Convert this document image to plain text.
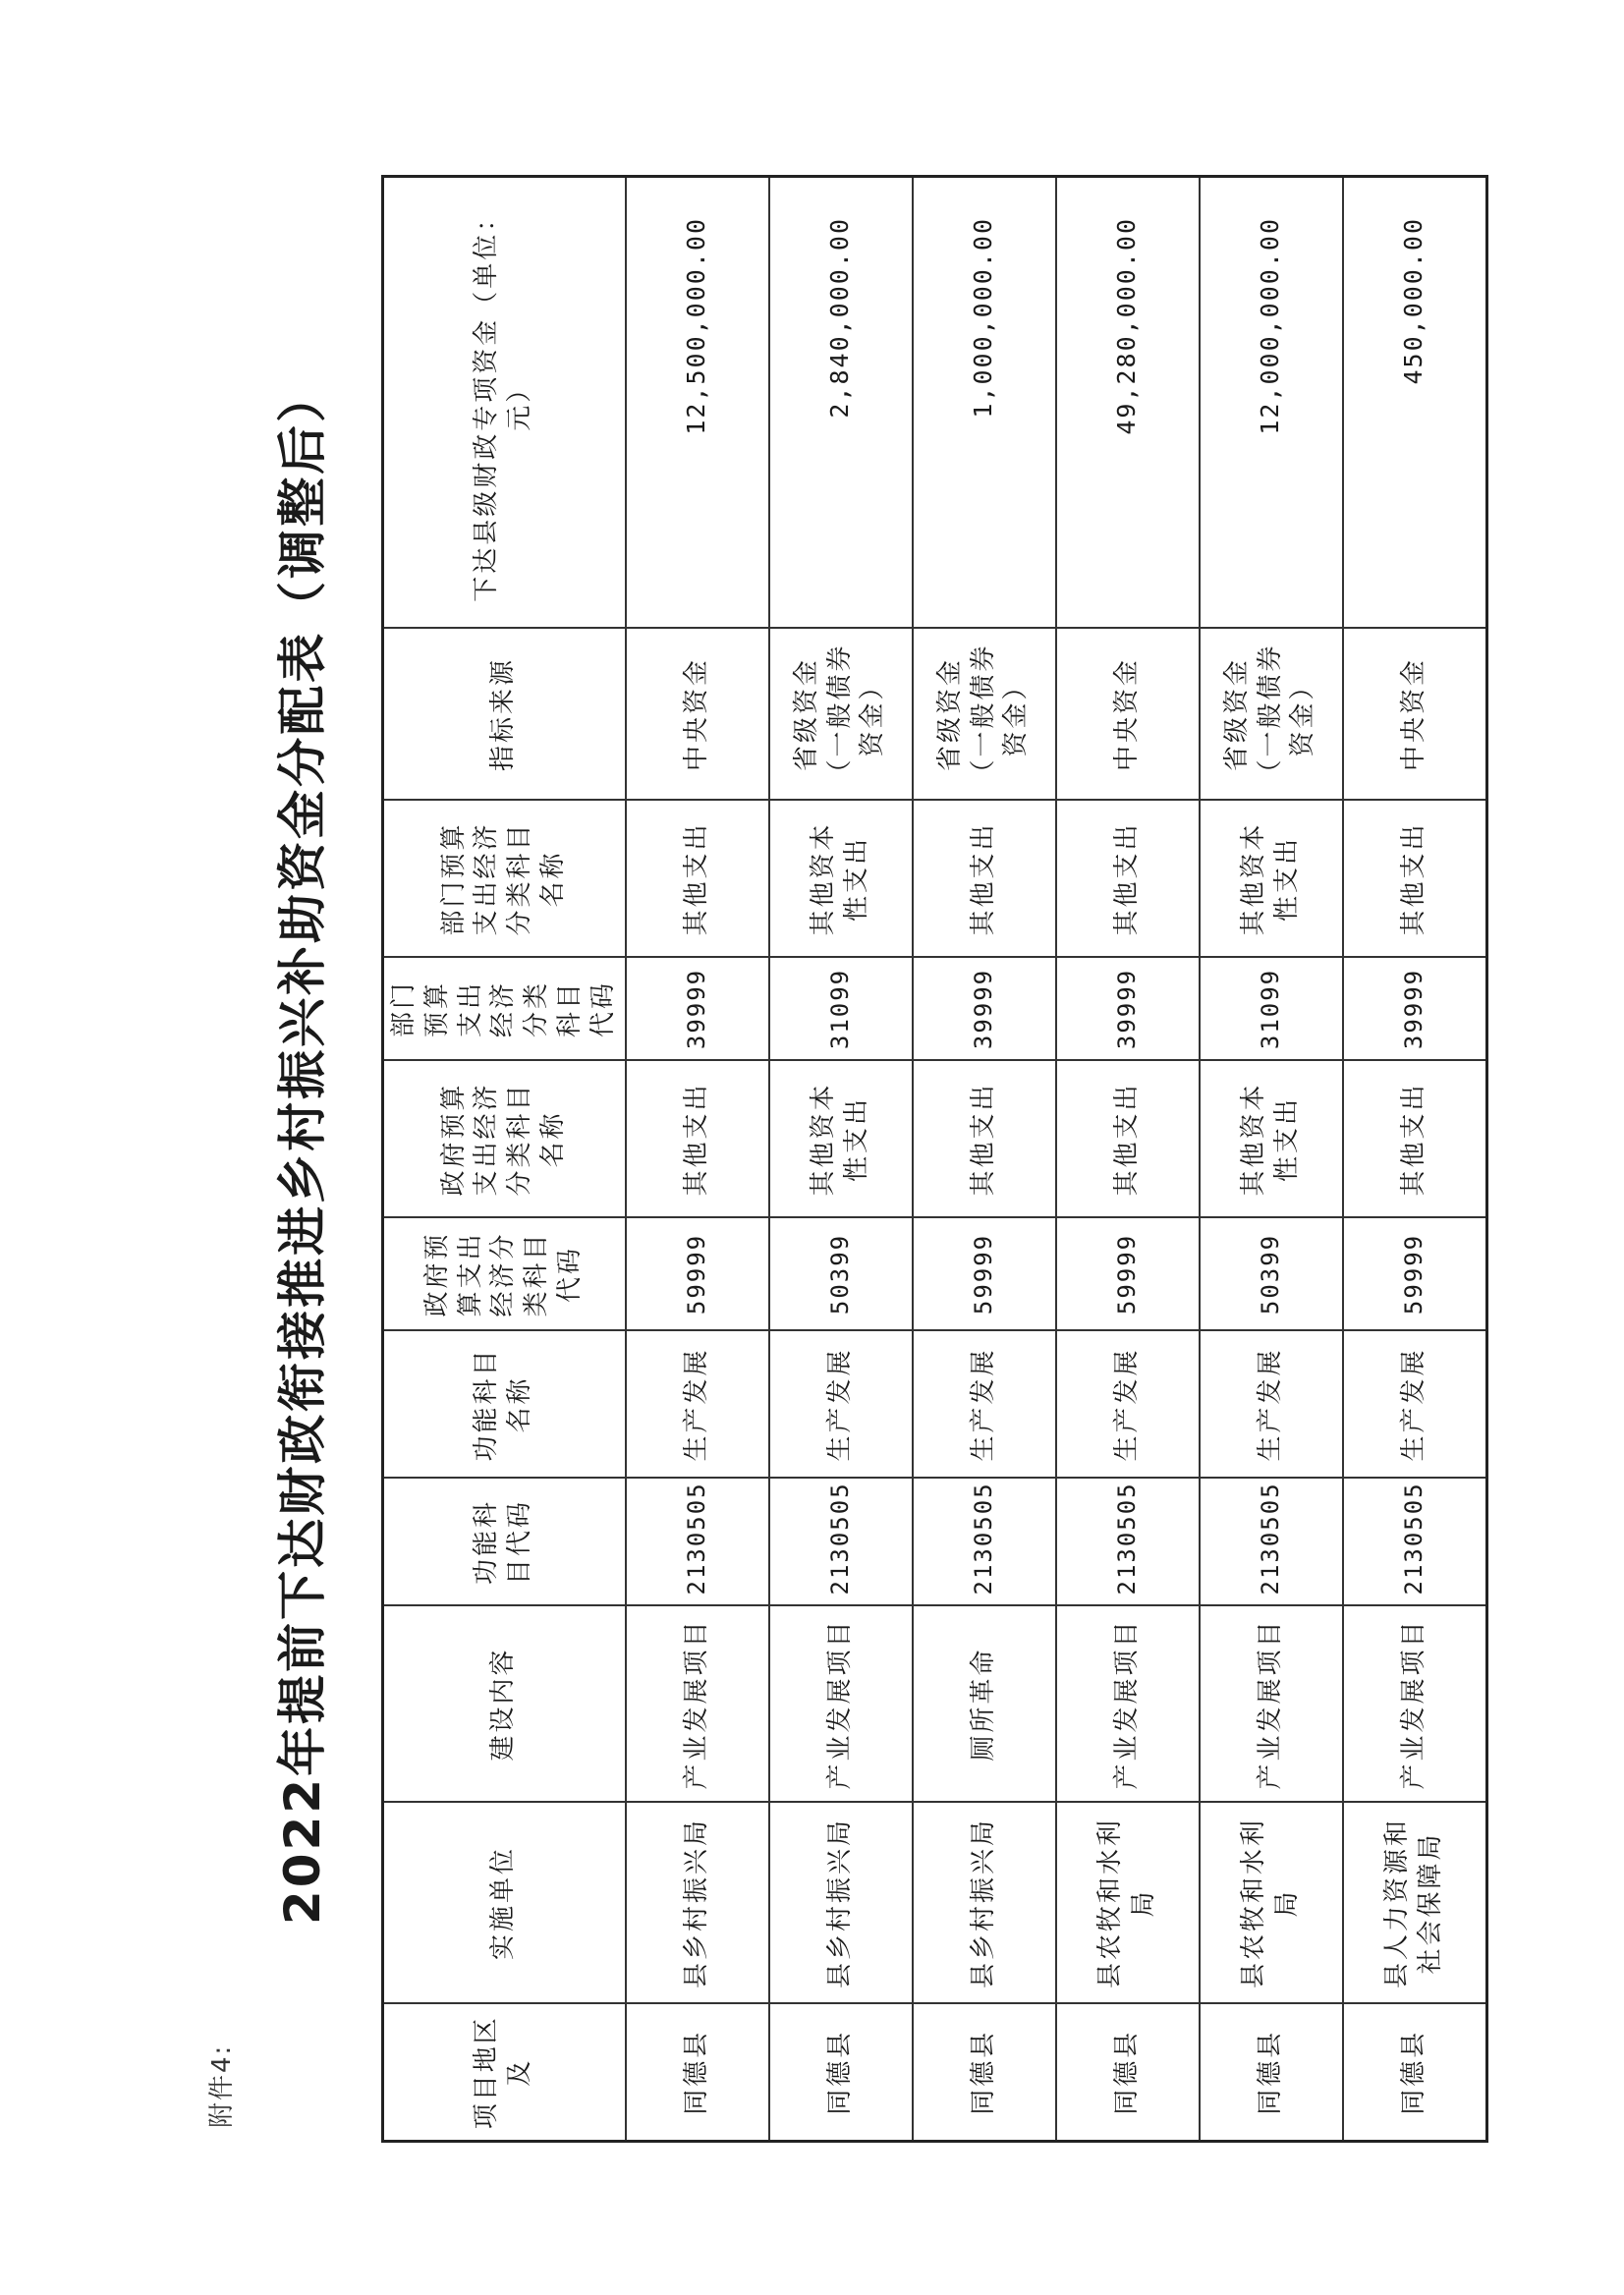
附件4:
2022年提前下达财政衔接推进乡村振兴补助资金分配表（调整后）
项目地区及	实施单位	建设内容	功能科目代码	功能科目名称	政府预算支出经济分类科目代码	政府预算支出经济分类科目名称	部门预算支出经济分类科目代码	部门预算支出经济分类科目名称	指标来源	下达县级财政专项资金（单位：元）
同德县	县乡村振兴局	产业发展项目	2130505	生产发展	59999	其他支出	39999	其他支出	中央资金	12,500,000.00
同德县	县乡村振兴局	产业发展项目	2130505	生产发展	50399	其他资本性支出	31099	其他资本性支出	省级资金（一般债券资金）	2,840,000.00
同德县	县乡村振兴局	厕所革命	2130505	生产发展	59999	其他支出	39999	其他支出	省级资金（一般债券资金）	1,000,000.00
同德县	县农牧和水利局	产业发展项目	2130505	生产发展	59999	其他支出	39999	其他支出	中央资金	49,280,000.00
同德县	县农牧和水利局	产业发展项目	2130505	生产发展	50399	其他资本性支出	31099	其他资本性支出	省级资金（一般债券资金）	12,000,000.00
同德县	县人力资源和社会保障局	产业发展项目	2130505	生产发展	59999	其他支出	39999	其他支出	中央资金	450,000.00
